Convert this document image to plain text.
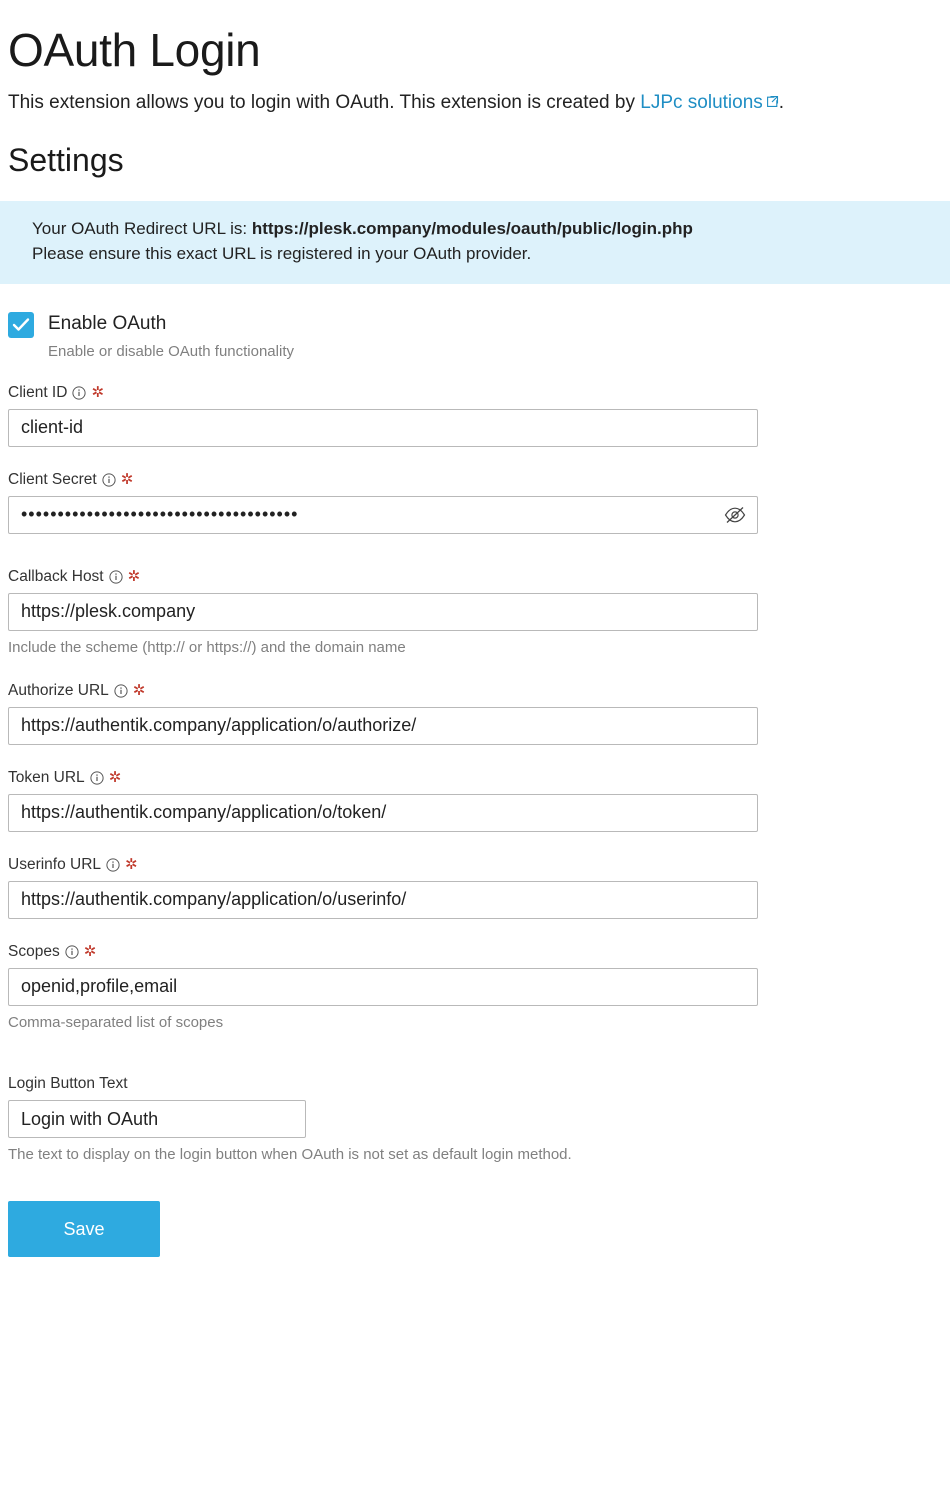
OAuth Login

This extension allows you to login with OAuth. This extension is created by LJPc solutions .

Settings
Your OAuth Redirect URL is: https://plesk.company/modules/oauth/public/login.php
Please ensure this exact URL is registered in your OAuth provider.
Enable OAuth
Enable or disable OAuth functionality
Client ID ✲
client-id
Client Secret ✲
••••••••••••••••••••••••••••••••••••••
Callback Host ✲
https://plesk.company
Include the scheme (http:// or https://) and the domain name
Authorize URL ✲
https://authentik.company/application/o/authorize/
Token URL ✲
https://authentik.company/application/o/token/
Userinfo URL ✲
https://authentik.company/application/o/userinfo/
Scopes ✲
openid,profile,email
Comma-separated list of scopes
Login Button Text
Login with OAuth
The text to display on the login button when OAuth is not set as default login method.
Save
